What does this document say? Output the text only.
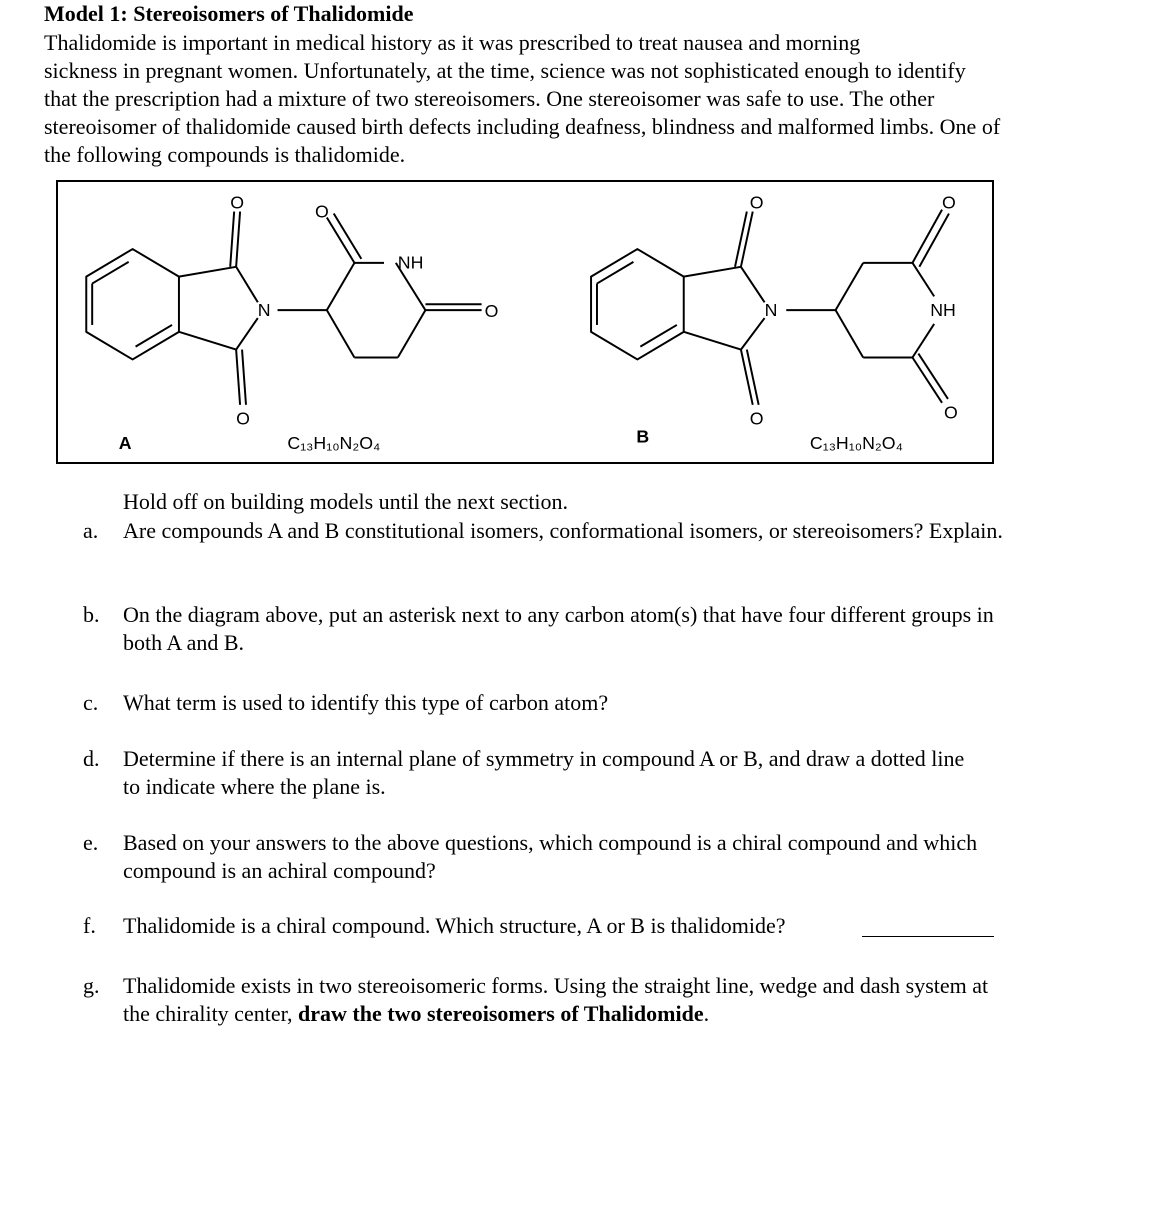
Model 1: Stereoisomers of Thalidomide
Thalidomide is important in medical history as it was prescribed to treat nausea and morning
sickness in pregnant women. Unfortunately, at the time, science was not sophisticated enough to identify
that the prescription had a mixture of two stereoisomers. One stereoisomer was safe to use. The other
stereoisomer of thalidomide caused birth defects including deafness, blindness and malformed limbs. One of
the following compounds is thalidomide.
O	O
N
NH
O
O
A	C₁₃H₁₀N₂O₄
O	O
N	NH
O	O
B	C₁₃H₁₀N₂O₄
Hold off on building models until the next section.
a.	Are compounds A and B constitutional isomers, conformational isomers, or stereoisomers? Explain.
b.	On the diagram above, put an asterisk next to any carbon atom(s) that have four different groups in
both A and B.
c.	What term is used to identify this type of carbon atom?
d.	Determine if there is an internal plane of symmetry in compound A or B, and draw a dotted line
to indicate where the plane is.
e.	Based on your answers to the above questions, which compound is a chiral compound and which
compound is an achiral compound?
f.	Thalidomide is a chiral compound. Which structure, A or B is thalidomide?
g.	Thalidomide exists in two stereoisomeric forms. Using the straight line, wedge and dash system at
the chirality center, draw the two stereoisomers of Thalidomide.
